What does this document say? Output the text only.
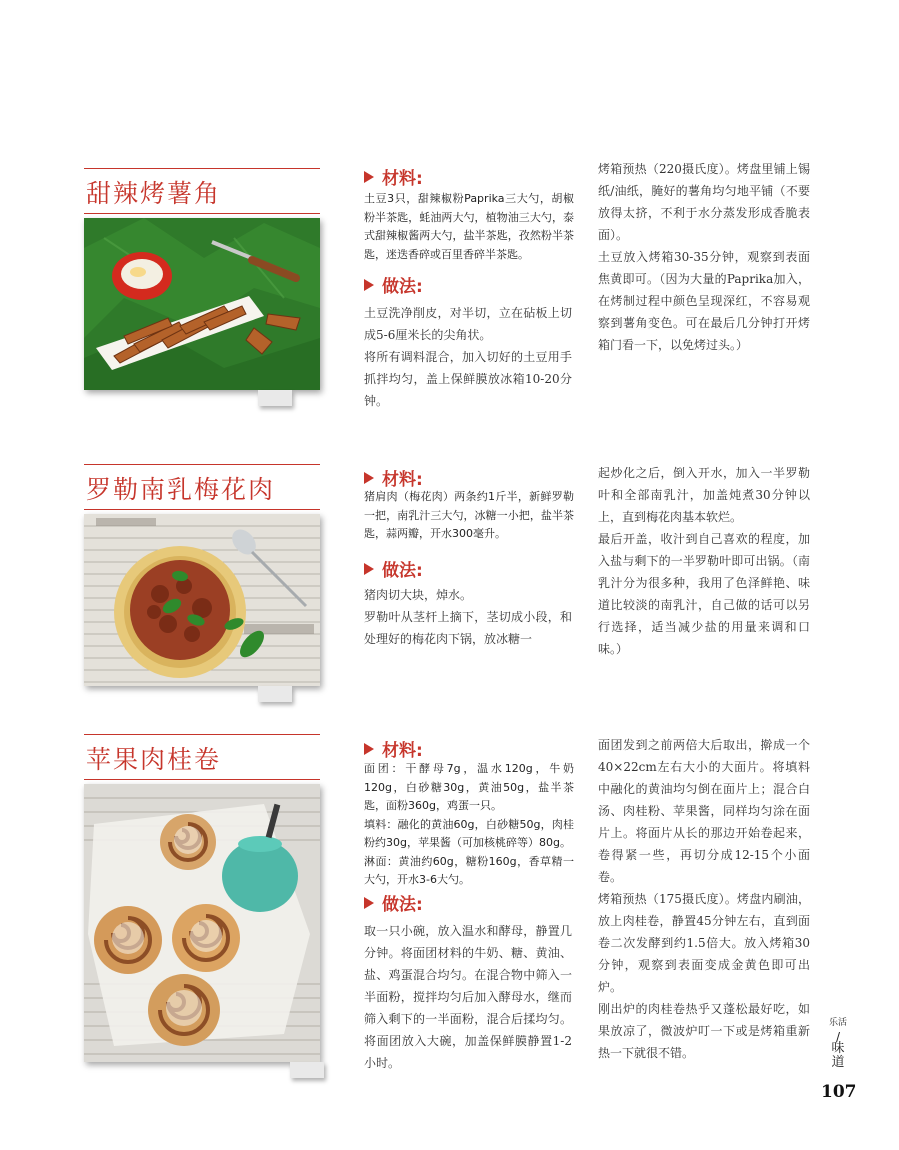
甜辣烤薯角	材料:
土豆3只，甜辣椒粉Paprika三大勺，胡椒粉半茶匙，蚝油两大勺，植物油三大勺，泰式甜辣椒酱两大勺，盐半茶匙，孜然粉半茶匙，迷迭香碎或百里香碎半茶匙。
做法:
土豆洗净削皮，对半切，立在砧板上切成5-6厘米长的尖角状。
将所有调料混合，加入切好的土豆用手抓拌均匀，盖上保鲜膜放冰箱10-20分钟。
烤箱预热（220摄氏度）。烤盘里铺上锡纸/油纸，腌好的薯角均匀地平铺（不要放得太挤，不利于水分蒸发形成香脆表面）。
土豆放入烤箱30-35分钟，观察到表面焦黄即可。（因为大量的Paprika加入，在烤制过程中颜色呈现深红，不容易观察到薯角变色。可在最后几分钟打开烤箱门看一下，以免烤过头。）
罗勒南乳梅花肉	材料:
猪肩肉（梅花肉）两条约1斤半，新鲜罗勒一把，南乳汁三大勺，冰糖一小把，盐半茶匙，蒜两瓣，开水300毫升。
做法:
猪肉切大块，焯水。
罗勒叶从茎杆上摘下，茎切成小段，和处理好的梅花肉下锅，放冰糖一
起炒化之后，倒入开水，加入一半罗勒叶和全部南乳汁，加盖炖煮30分钟以上，直到梅花肉基本软烂。
最后开盖，收汁到自己喜欢的程度，加入盐与剩下的一半罗勒叶即可出锅。（南乳汁分为很多种，我用了色泽鲜艳、味道比较淡的南乳汁，自己做的话可以另行选择，适当减少盐的用量来调和口味。）
苹果肉桂卷	材料:
面团：干酵母7g，温水120g，牛奶120g，白砂糖30g，黄油50g，盐半茶匙，面粉360g，鸡蛋一只。
填料：融化的黄油60g，白砂糖50g，肉桂粉约30g，苹果酱（可加核桃碎等）80g。
淋面：黄油约60g，糖粉160g，香草精一大勺，开水3-6大勺。
做法:
取一只小碗，放入温水和酵母，静置几分钟。将面团材料的牛奶、糖、黄油、盐、鸡蛋混合均匀。在混合物中筛入一半面粉，搅拌均匀后加入酵母水，继而筛入剩下的一半面粉，混合后揉均匀。将面团放入大碗，加盖保鲜膜静置1-2小时。
面团发到之前两倍大后取出，擀成一个40×22cm左右大小的大面片。将填料中融化的黄油均匀倒在面片上；混合白汤、肉桂粉、苹果酱，同样均匀涂在面片上。将面片从长的那边开始卷起来，卷得紧一些，再切分成12-15个小面卷。
烤箱预热（175摄氏度）。烤盘内刷油，放上肉桂卷，静置45分钟左右，直到面卷二次发酵到约1.5倍大。放入烤箱30分钟，观察到表面变成金黄色即可出炉。
刚出炉的肉桂卷热乎又蓬松最好吃，如果放凉了，微波炉叮一下或是烤箱重新热一下就很不错。
乐活
/
味道
107
